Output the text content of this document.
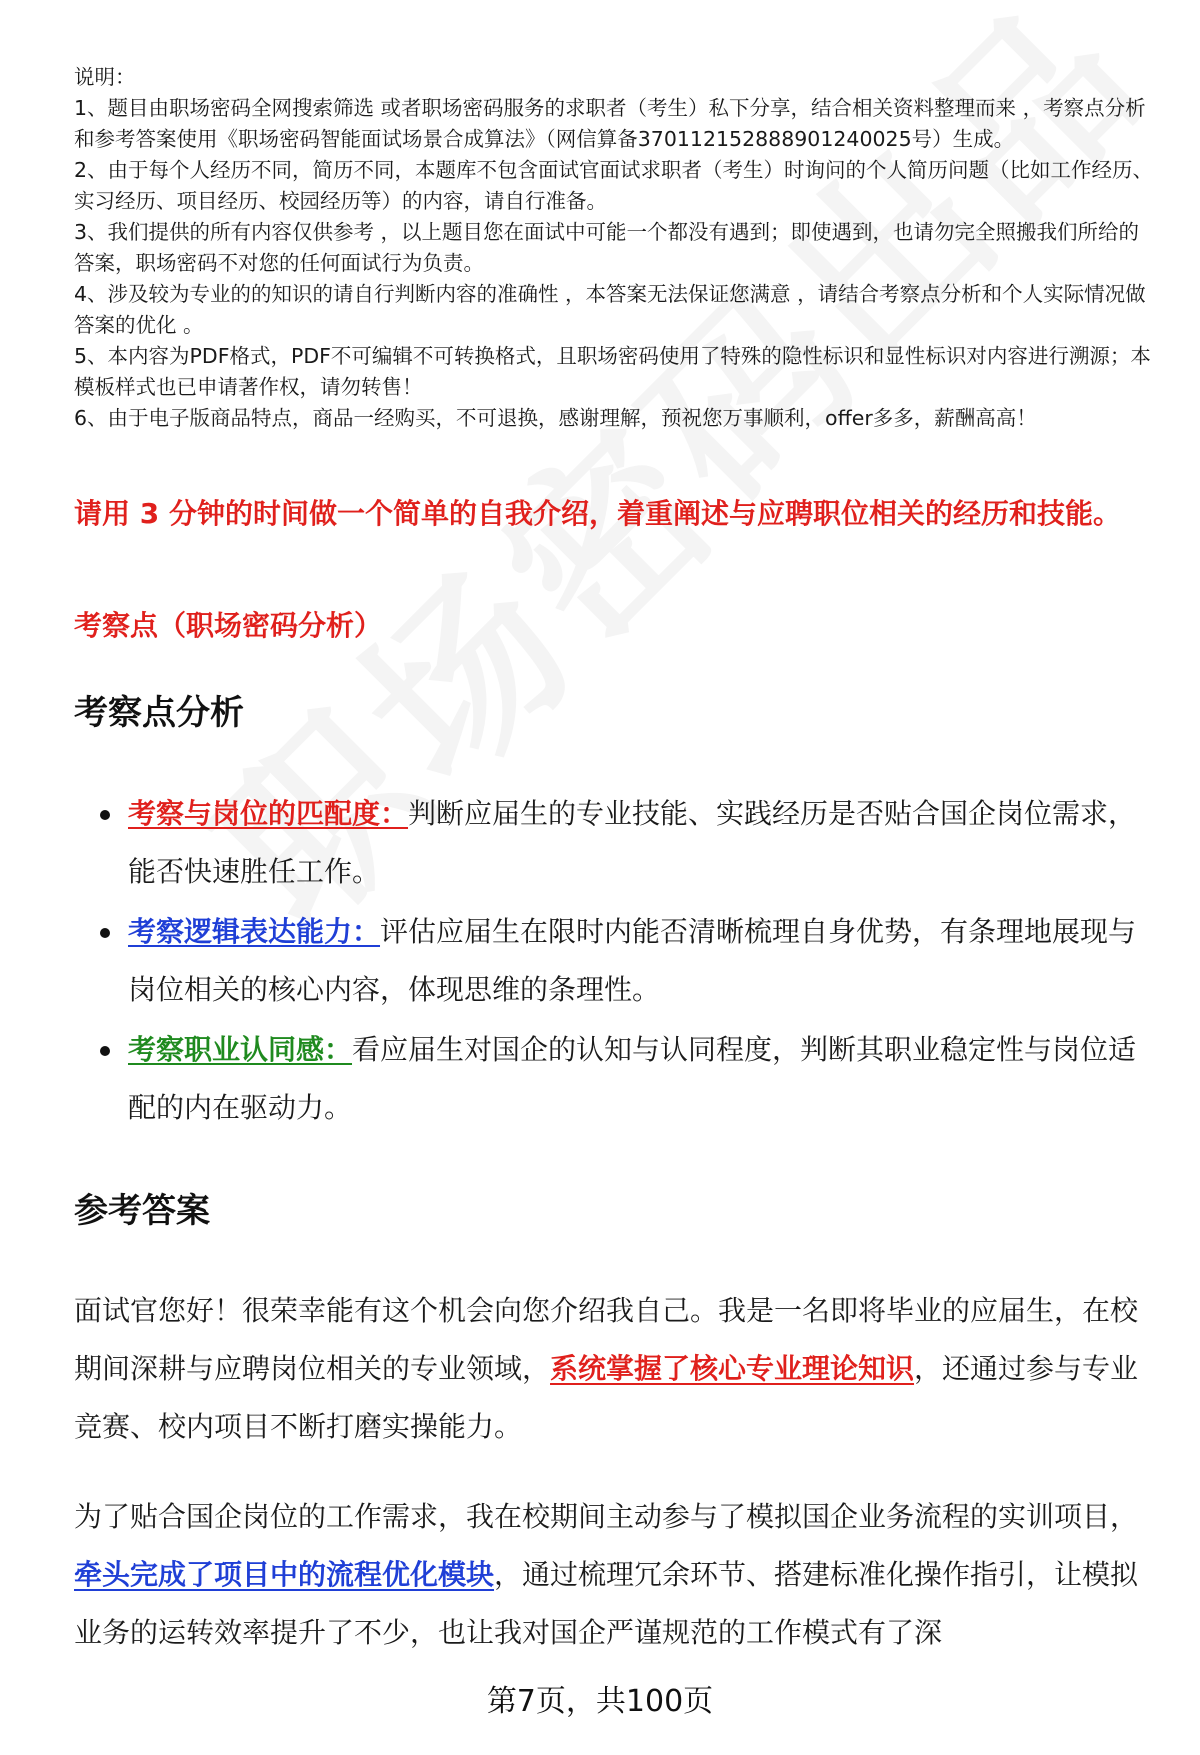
说明：

1、题目由职场密码全网搜索筛选 或者职场密码服务的求职者（考生）私下分享，结合相关资料整理而来 ，考察点分析和参考答案使用《职场密码智能面试场景合成算法》（网信算备370112152888901240025号）生成。

2、由于每个人经历不同，简历不同，本题库不包含面试官面试求职者（考生）时询问的个人简历问题（比如工作经历、实习经历、项目经历、校园经历等）的内容，请自行准备。

3、我们提供的所有内容仅供参考 ，以上题目您在面试中可能一个都没有遇到；即使遇到，也请勿完全照搬我们所给的答案，职场密码不对您的任何面试行为负责。

4、涉及较为专业的的知识的请自行判断内容的准确性 ，本答案无法保证您满意 ，请结合考察点分析和个人实际情况做答案的优化 。

5、本内容为PDF格式，PDF不可编辑不可转换格式，且职场密码使用了特殊的隐性标识和显性标识对内容进行溯源；本模板样式也已申请著作权，请勿转售！

6、由于电子版商品特点，商品一经购买，不可退换，感谢理解，预祝您万事顺利，offer多多，薪酬高高！

请用 3 分钟的时间做一个简单的自我介绍，着重阐述与应聘职位相关的经历和技能。
考察点（职场密码分析）
考察点分析
考察与岗位的匹配度：判断应届生的专业技能、实践经历是否贴合国企岗位需求，能否快速胜任工作。
考察逻辑表达能力：评估应届生在限时内能否清晰梳理自身优势，有条理地展现与岗位相关的核心内容，体现思维的条理性。
考察职业认同感：看应届生对国企的认知与认同程度，判断其职业稳定性与岗位适配的内在驱动力。
参考答案

面试官您好！很荣幸能有这个机会向您介绍我自己。我是一名即将毕业的应届生，在校期间深耕与应聘岗位相关的专业领域，系统掌握了核心专业理论知识，还通过参与专业竞赛、校内项目不断打磨实操能力。

为了贴合国企岗位的工作需求，我在校期间主动参与了模拟国企业务流程的实训项目，牵头完成了项目中的流程优化模块，通过梳理冗余环节、搭建标准化操作指引，让模拟业务的运转效率提升了不少，也让我对国企严谨规范的工作模式有了深

第7页，共100页
